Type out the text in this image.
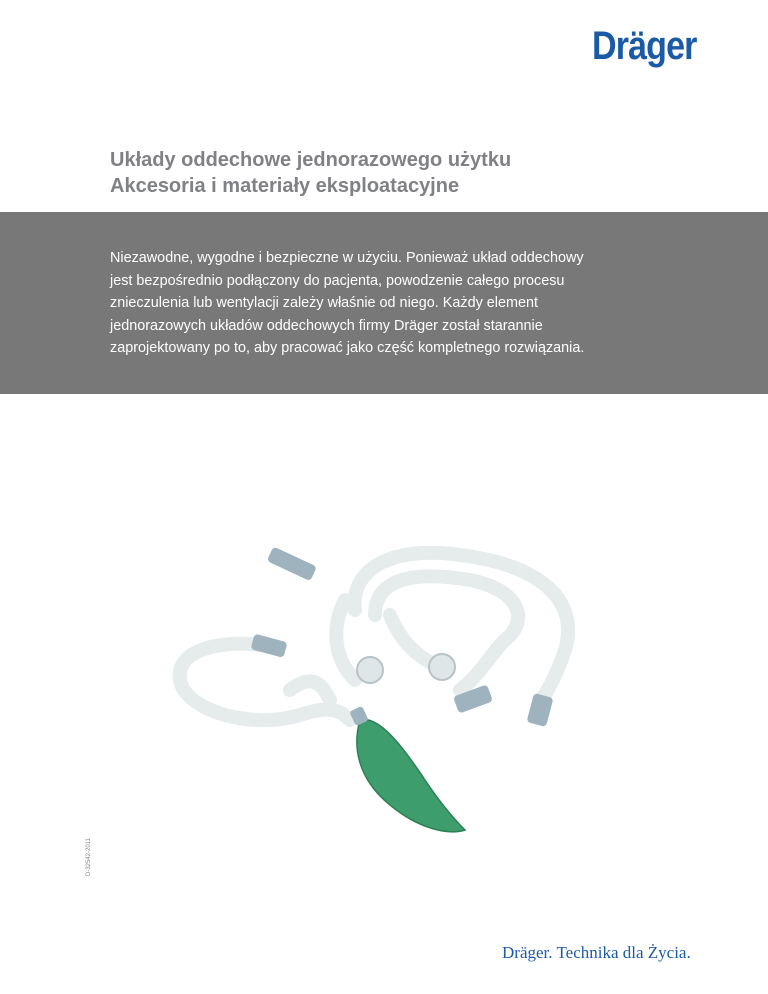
Dräger
Układy oddechowe jednorazowego użytku
Akcesoria i materiały eksploatacyjne

Niezawodne, wygodne i bezpieczne w użyciu. Ponieważ układ oddechowy
jest bezpośrednio podłączony do pacjenta, powodzenie całego procesu
znieczulenia lub wentylacji zależy właśnie od niego. Każdy element
jednorazowych układów oddechowych firmy Dräger został starannie
zaprojektowany po to, aby pracować jako część kompletnego rozwiązania.

D-32542-2011
Dräger. Technika dla Życia.
